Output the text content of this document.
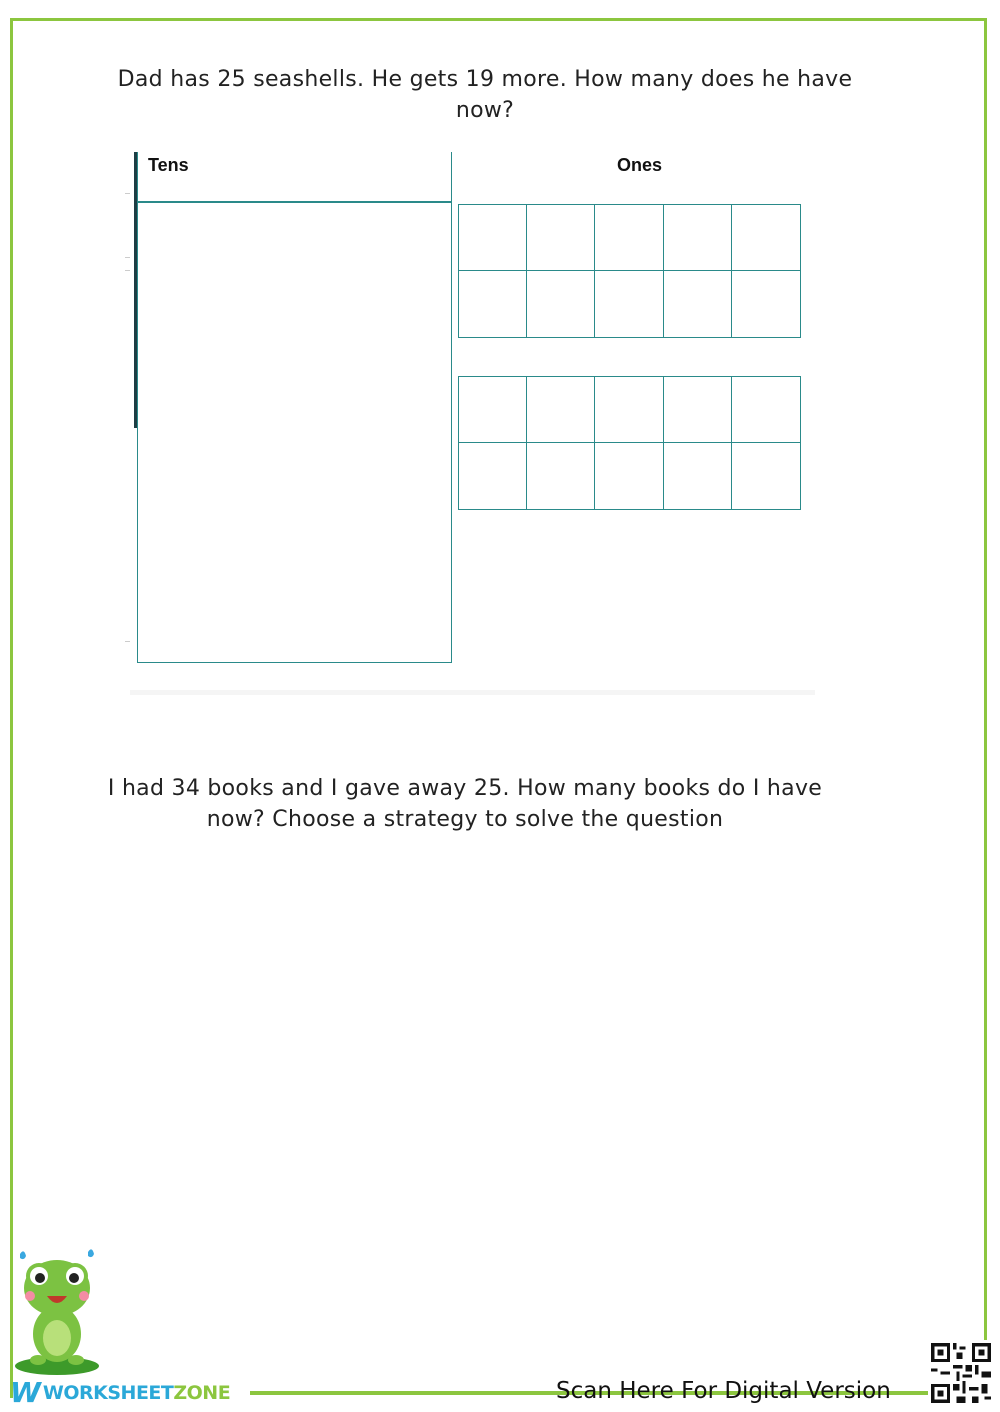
Dad has 25 seashells. He gets 19 more. How many does he have now?
Tens	Ones
I had 34 books and I gave away 25. How many books do I have now? Choose a strategy to solve the question
W WORKSHEETZONE	Scan Here For Digital Version
